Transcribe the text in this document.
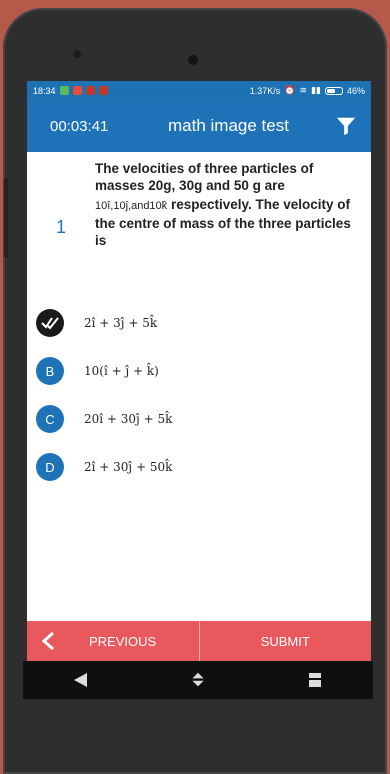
18:34	1.37K/s ⏰ ≋ ▮▮	46%
00:03:41	math image test
1
The velocities of three particles of masses 20g, 30g and 50 g are
10î,10ĵ,and10k̂ respectively. The velocity of the centre of mass of the three particles is
2î + 3ĵ + 5k̂
B	10(î + ĵ + k̂)
C	20î + 30ĵ + 5k̂
D	2î + 30ĵ + 50k̂
PREVIOUS	SUBMIT
